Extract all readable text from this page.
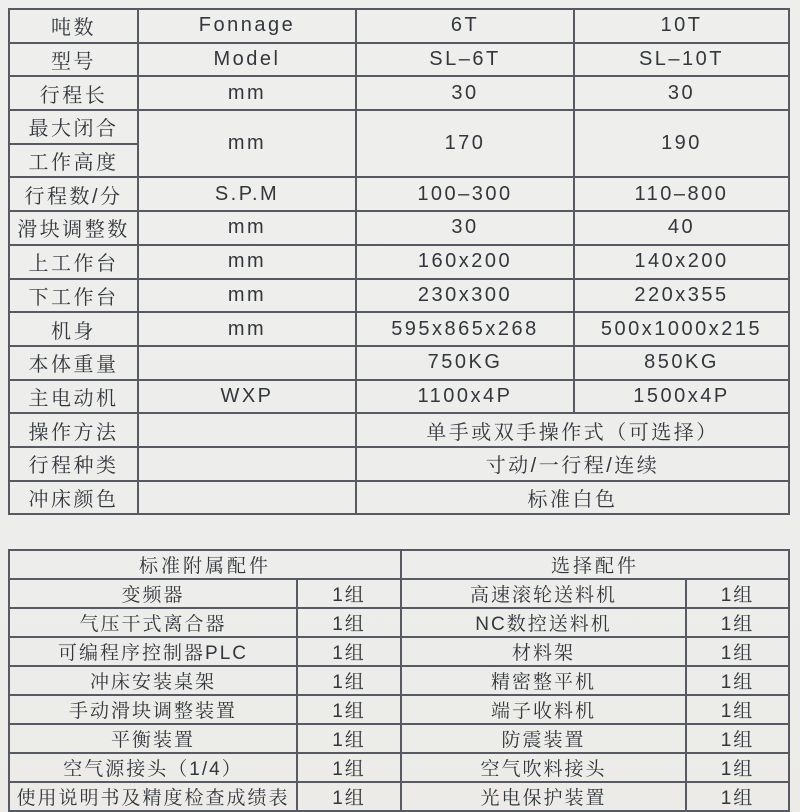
吨数	Fonnage	6T	10T
型号	Model	SL–6T	SL–10T
行程长	mm	30	30
最大闭合	mm	170	190
工作高度			
行程数/分	S.P.M	100–300	110–800
滑块调整数	mm	30	40
上工作台	mm	160x200	140x200
下工作台	mm	230x300	220x355
机身	mm	595x865x268	500x1000x215
本体重量		750KG	850KG
主电动机	WXP	1100x4P	1500x4P
操作方法		单手或双手操作式（可选择）	
行程种类		寸动/一行程/连续	
冲床颜色		标准白色	
标准附属配件		选择配件	
变频器	1组	高速滚轮送料机	1组
气压干式离合器	1组	NC数控送料机	1组
可编程序控制器PLC	1组	材料架	1组
冲床安装桌架	1组	精密整平机	1组
手动滑块调整装置	1组	端子收料机	1组
平衡装置	1组	防震装置	1组
空气源接头（1/4）	1组	空气吹料接头	1组
使用说明书及精度检查成绩表	1组	光电保护装置	1组
